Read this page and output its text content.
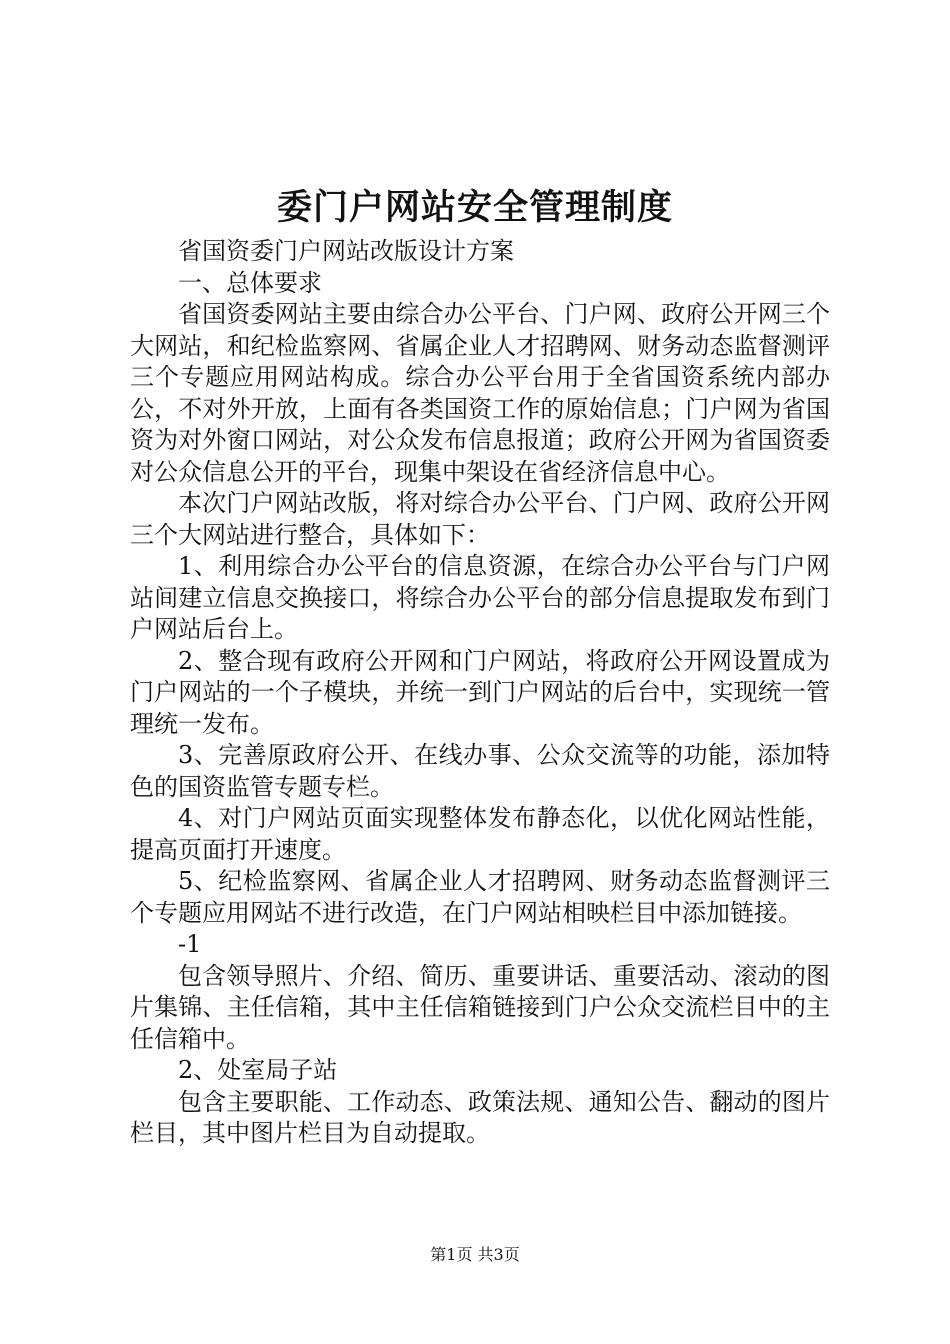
委门户网站安全管理制度

省国资委门户网站改版设计方案

一、总体要求

省国资委网站主要由综合办公平台、门户网、政府公开网三个大网站，和纪检监察网、省属企业人才招聘网、财务动态监督测评三个专题应用网站构成。综合办公平台用于全省国资系统内部办公，不对外开放，上面有各类国资工作的原始信息；门户网为省国资为对外窗口网站，对公众发布信息报道；政府公开网为省国资委对公众信息公开的平台，现集中架设在省经济信息中心。

本次门户网站改版，将对综合办公平台、门户网、政府公开网三个大网站进行整合，具体如下：

1、利用综合办公平台的信息资源，在综合办公平台与门户网站间建立信息交换接口，将综合办公平台的部分信息提取发布到门户网站后台上。

2、整合现有政府公开网和门户网站，将政府公开网设置成为门户网站的一个子模块，并统一到门户网站的后台中，实现统一管理统一发布。

3、完善原政府公开、在线办事、公众交流等的功能，添加特色的国资监管专题专栏。

4、对门户网站页面实现整体发布静态化，以优化网站性能，提高页面打开速度。

5、纪检监察网、省属企业人才招聘网、财务动态监督测评三个专题应用网站不进行改造，在门户网站相映栏目中添加链接。

-1

包含领导照片、介绍、简历、重要讲话、重要活动、滚动的图片集锦、主任信箱，其中主任信箱链接到门户公众交流栏目中的主任信箱中。

2、处室局子站

包含主要职能、工作动态、政策法规、通知公告、翻动的图片栏目，其中图片栏目为自动提取。

第1页 共3页
